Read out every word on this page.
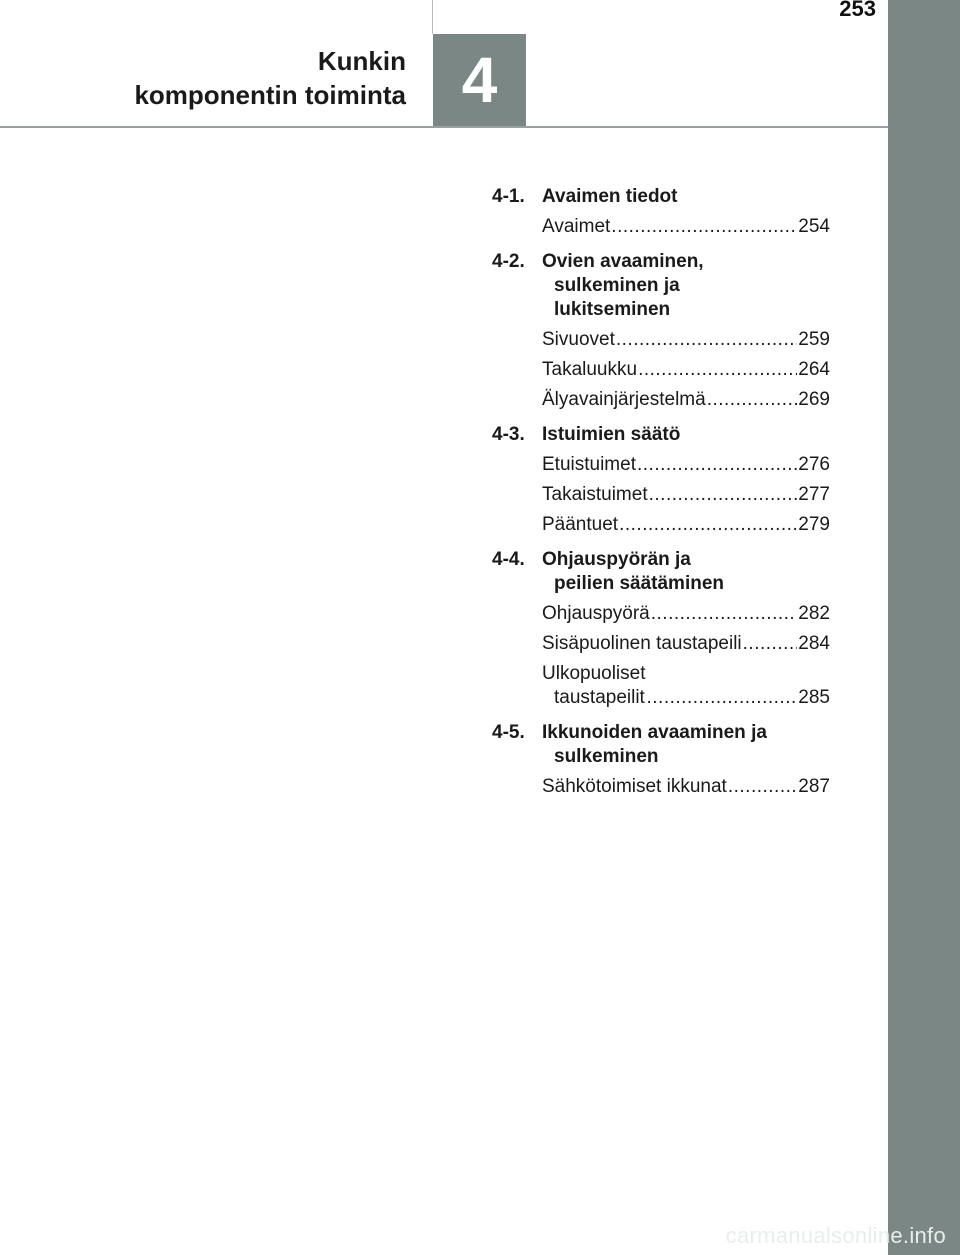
253
4
Kunkin
komponentin toiminta
4-1. Avaimen tiedot
Avaimet .....	254
4-2. Ovien avaaminen,
sulkeminen ja
lukitseminen
Sivuovet .....	259
Takaluukku .....	264
Älyavainjärjestelmä .....	269
4-3. Istuimien säätö
Etuistuimet .....	276
Takaistuimet .....	277
Pääntuet .....	279
4-4. Ohjauspyörän ja
peilien säätäminen
Ohjauspyörä .....	282
Sisäpuolinen taustapeili .....	284
Ulkopuoliset
taustapeilit .....	285
4-5. Ikkunoiden avaaminen ja
sulkeminen
Sähkötoimiset ikkunat .....	287
carmanualsonline.info
